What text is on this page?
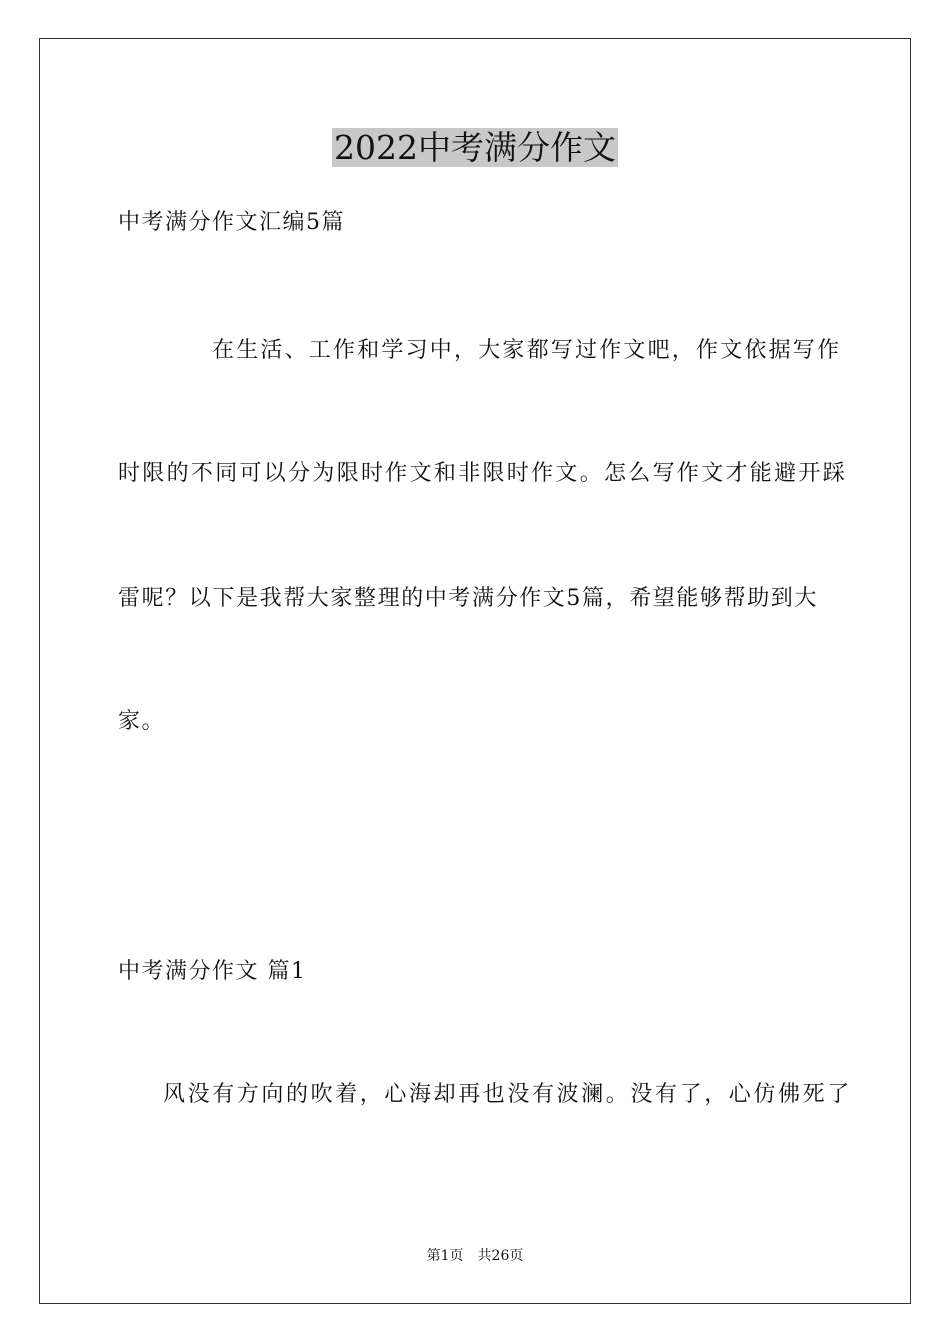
2022中考满分作文
中考满分作文汇编5篇
在生活、工作和学习中，大家都写过作文吧，作文依据写作
时限的不同可以分为限时作文和非限时作文。怎么写作文才能避开踩
雷呢？以下是我帮大家整理的中考满分作文5篇，希望能够帮助到大
家。
中考满分作文 篇1
风没有方向的吹着，心海却再也没有波澜。没有了，心仿佛死了
第1页 共26页
